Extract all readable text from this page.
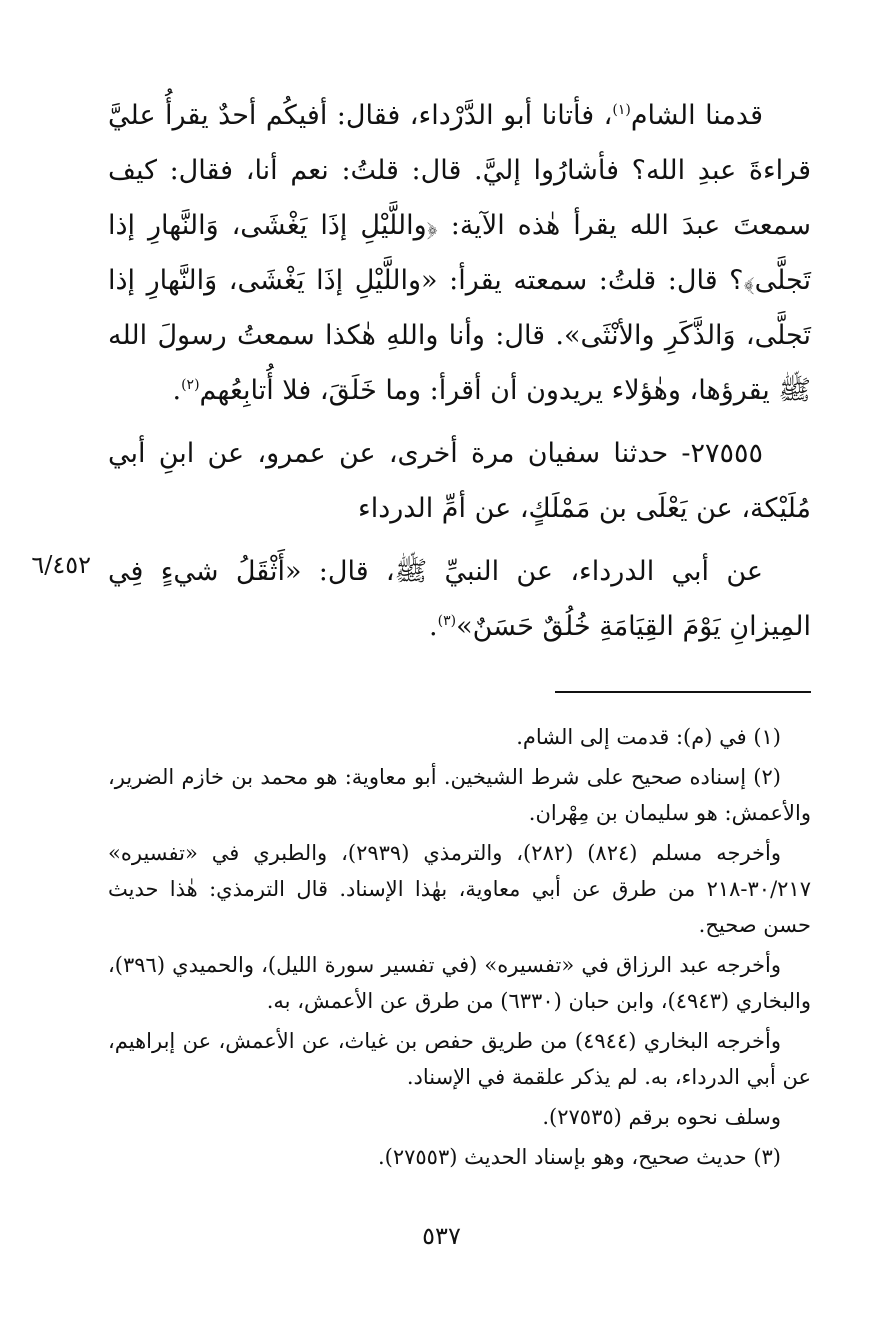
قدمنا الشام$^{(١)}$، فأتانا أبو الدَّرْداء، فقال: أفيكُم أحدٌ يقرأُ عليَّ قراءةَ عبدِ الله؟ فأشارُوا إليَّ. قال: قلتُ: نعم أنا، فقال: كيف سمعتَ عبدَ الله يقرأ هٰذه الآية: ﴿واللَّيْلِ إذَا يَغْشَى، وَالنَّهارِ إذا تَجلَّى﴾؟ قال: قلتُ: سمعته يقرأ: «واللَّيْلِ إذَا يَغْشَى، وَالنَّهارِ إذا تَجلَّى، وَالذَّكَرِ والأنْثَى». قال: وأنا واللهِ هٰكذا سمعتُ رسولَ الله ﷺ يقرؤها، وهٰؤلاء يريدون أن أقرأ: وما خَلَقَ، فلا أُتابِعُهم$^{(٢)}$.

٢٧٥٥٥- حدثنا سفيان مرة أخرى، عن عمرو، عن ابنِ أبي مُلَيْكة، عن يَعْلَى بن مَمْلَكٍ، عن أمِّ الدرداء

عن أبي الدرداء، عن النبيِّ ﷺ، قال: «أَثْقَلُ شيءٍ فِي المِيزانِ يَوْمَ القِيَامَةِ خُلُقٌ حَسَنٌ»$^{(٣)}$.

٦/٤٥٢

(١) في (م): قدمت إلى الشام.

(٢) إسناده صحيح على شرط الشيخين. أبو معاوية: هو محمد بن خازم الضرير، والأعمش: هو سليمان بن مِهْران.

وأخرجه مسلم (٨٢٤) (٢٨٢)، والترمذي (٢٩٣٩)، والطبري في «تفسيره» ٣٠/٢١٧-٢١٨ من طرق عن أبي معاوية، بهٰذا الإسناد. قال الترمذي: هٰذا حديث حسن صحيح.

وأخرجه عبد الرزاق في «تفسيره» (في تفسير سورة الليل)، والحميدي (٣٩٦)، والبخاري (٤٩٤٣)، وابن حبان (٦٣٣٠) من طرق عن الأعمش، به.

وأخرجه البخاري (٤٩٤٤) من طريق حفص بن غياث، عن الأعمش، عن إبراهيم، عن أبي الدرداء، به. لم يذكر علقمة في الإسناد.

وسلف نحوه برقم (٢٧٥٣٥).

(٣) حديث صحيح، وهو بإسناد الحديث (٢٧٥٥٣).

٥٣٧
